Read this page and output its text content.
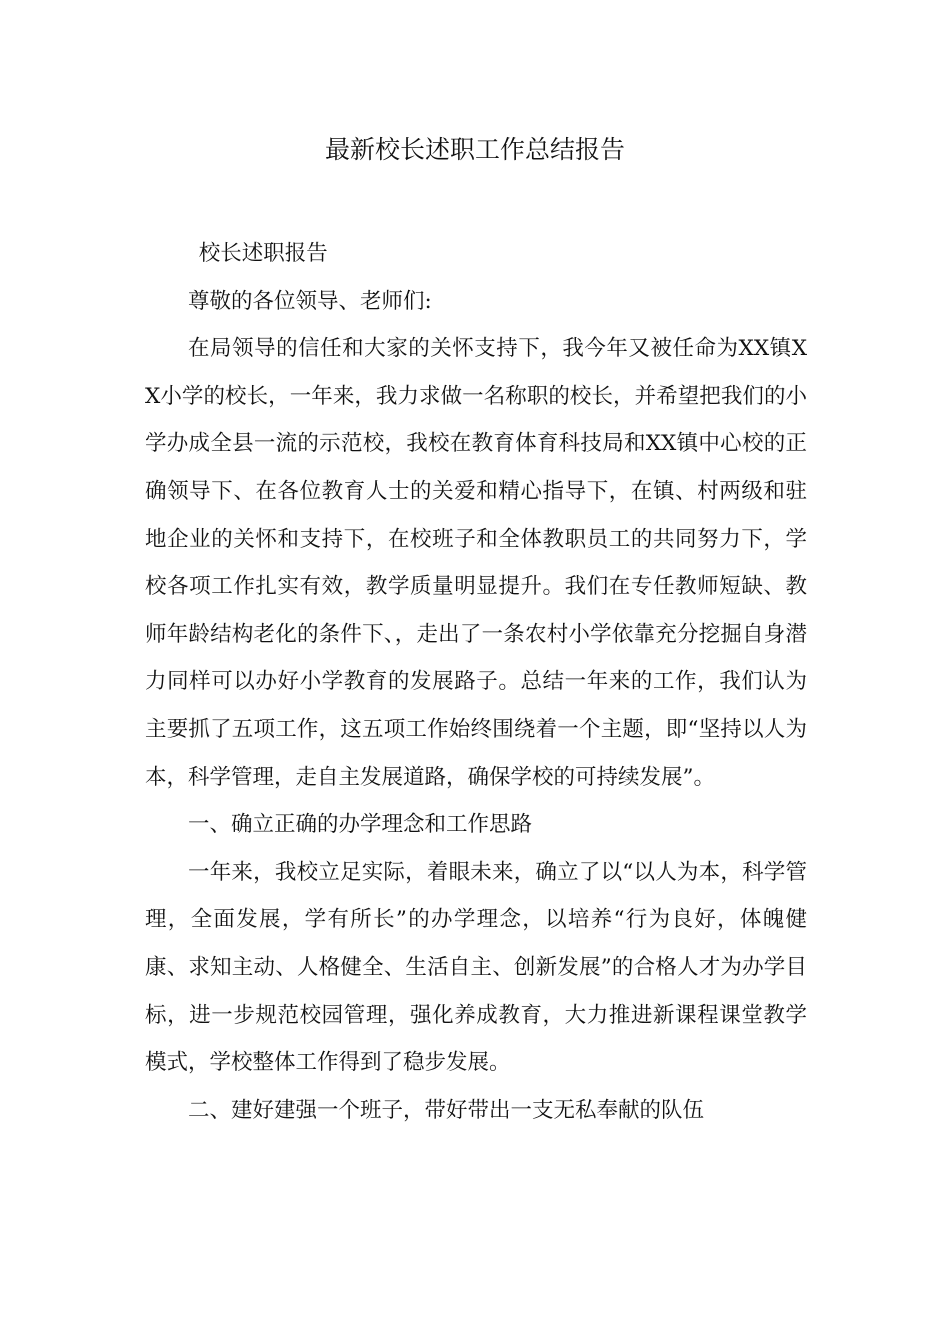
最新校长述职工作总结报告

校长述职报告

尊敬的各位领导、老师们:

在局领导的信任和大家的关怀支持下，我今年又被任命为XX镇XX小学的校长，一年来，我力求做一名称职的校长，并希望把我们的小学办成全县一流的示范校，我校在教育体育科技局和XX镇中心校的正确领导下、在各位教育人士的关爱和精心指导下，在镇、村两级和驻地企业的关怀和支持下，在校班子和全体教职员工的共同努力下，学校各项工作扎实有效，教学质量明显提升。我们在专任教师短缺、教师年龄结构老化的条件下、，走出了一条农村小学依靠充分挖掘自身潜力同样可以办好小学教育的发展路子。总结一年来的工作，我们认为主要抓了五项工作，这五项工作始终围绕着一个主题，即“坚持以人为本，科学管理，走自主发展道路，确保学校的可持续发展”。

一、确立正确的办学理念和工作思路

一年来，我校立足实际，着眼未来，确立了以“以人为本，科学管理，全面发展，学有所长”的办学理念，以培养“行为良好，体魄健康、求知主动、人格健全、生活自主、创新发展”的合格人才为办学目标，进一步规范校园管理，强化养成教育，大力推进新课程课堂教学模式，学校整体工作得到了稳步发展。

二、建好建强一个班子，带好带出一支无私奉献的队伍
